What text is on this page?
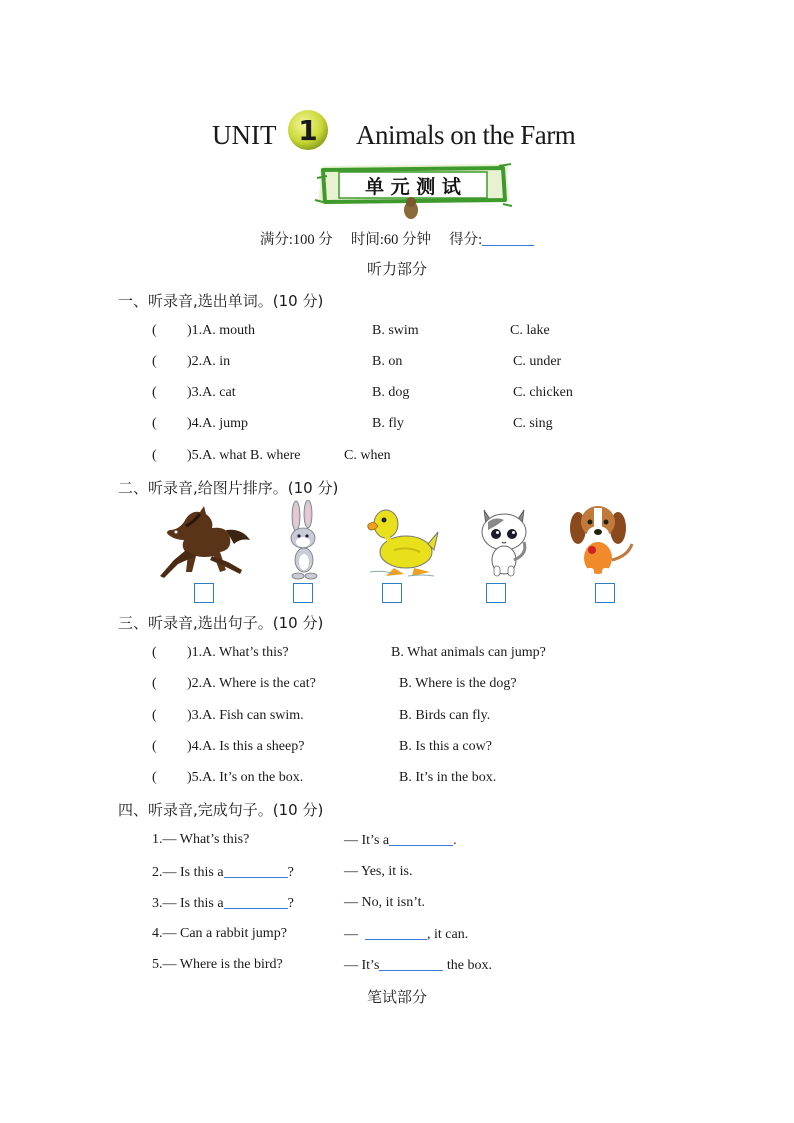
UNIT 1 Animals on the Farm
单 元 测 试
满分:100 分 时间:60 分钟 得分:
听力部分
一、听录音,选出单词。(10 分)
( )1.A. mouth	B. swim	C. lake
( )2.A. in	B. on	C. under
( )3.A. cat	B. dog	C. chicken
( )4.A. jump	B. fly	C. sing
( )5.A. what B. where	C. when
二、听录音,给图片排序。(10 分)
三、听录音,选出句子。(10 分)
( )1.A. What’s this?	B. What animals can jump?
( )2.A. Where is the cat?	B. Where is the dog?
( )3.A. Fish can swim.	B. Birds can fly.
( )4.A. Is this a sheep?	B. Is this a cow?
( )5.A. It’s on the box.	B. It’s in the box.
四、听录音,完成句子。(10 分)
1.— What’s this?	— It’s a	.
2.— Is this a	?	— Yes, it is.
3.— Is this a	?	— No, it isn’t.
4.— Can a rabbit jump?	—	, it can.
5.— Where is the bird?	— It’s	the box.
笔试部分
